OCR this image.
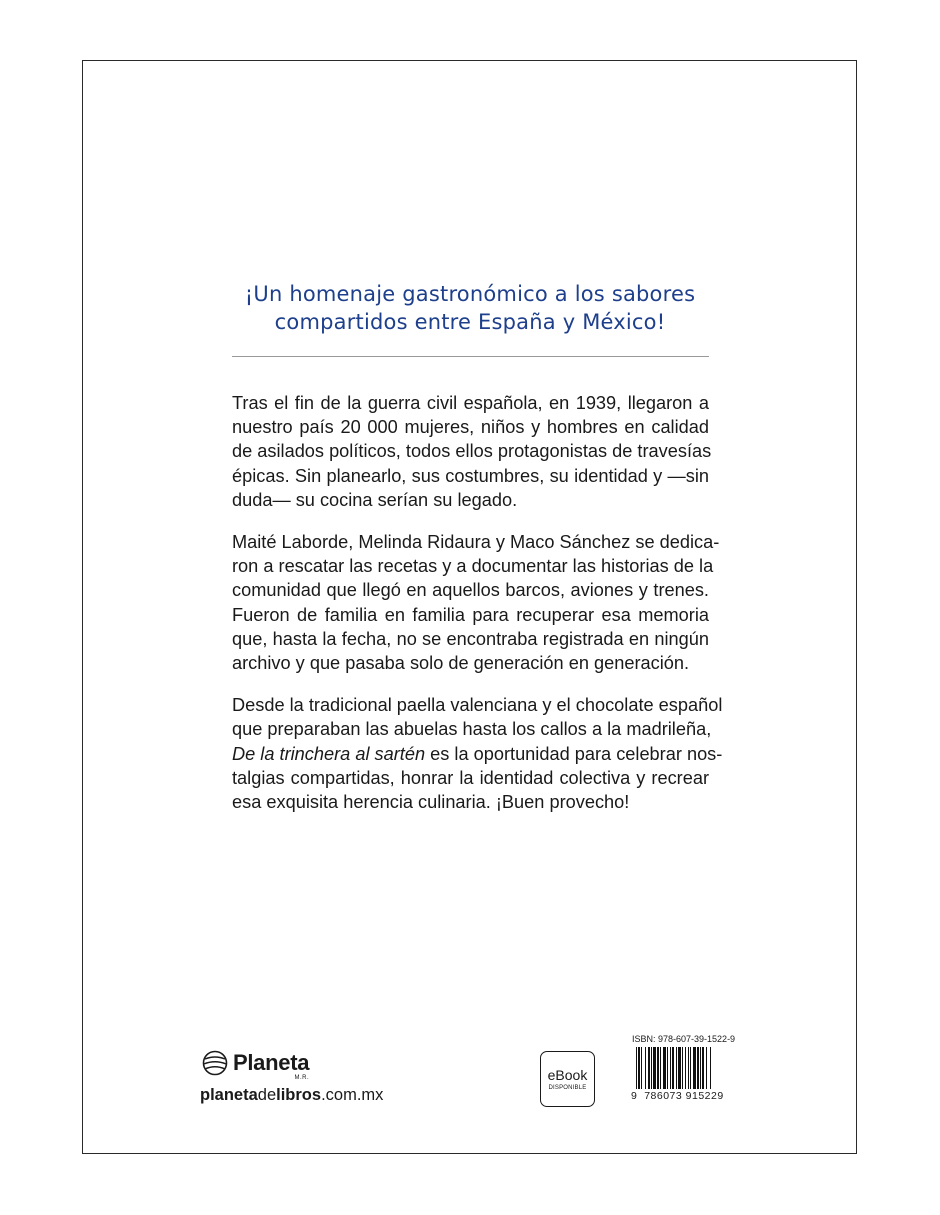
¡Un homenaje gastronómico a los sabores
compartidos entre España y México!

Tras el fin de la guerra civil española, en 1939, llegaron a
nuestro país 20 000 mujeres, niños y hombres en calidad
de asilados políticos, todos ellos protagonistas de travesías
épicas. Sin planearlo, sus costumbres, su identidad y —sin
duda— su cocina serían su legado.

Maité Laborde, Melinda Ridaura y Maco Sánchez se dedica-
ron a rescatar las recetas y a documentar las historias de la
comunidad que llegó en aquellos barcos, aviones y trenes.
Fueron de familia en familia para recuperar esa memoria
que, hasta la fecha, no se encontraba registrada en ningún
archivo y que pasaba solo de generación en generación.

Desde la tradicional paella valenciana y el chocolate español
que preparaban las abuelas hasta los callos a la madrileña,
De la trinchera al sartén es la oportunidad para celebrar nos-
talgias compartidas, honrar la identidad colectiva y recrear
esa exquisita herencia culinaria. ¡Buen provecho!

Planeta
M.R.
planetadelibros.com.mx
eBook
DISPONIBLE
ISBN: 978-607-39-1522-9
9 786073 915229
